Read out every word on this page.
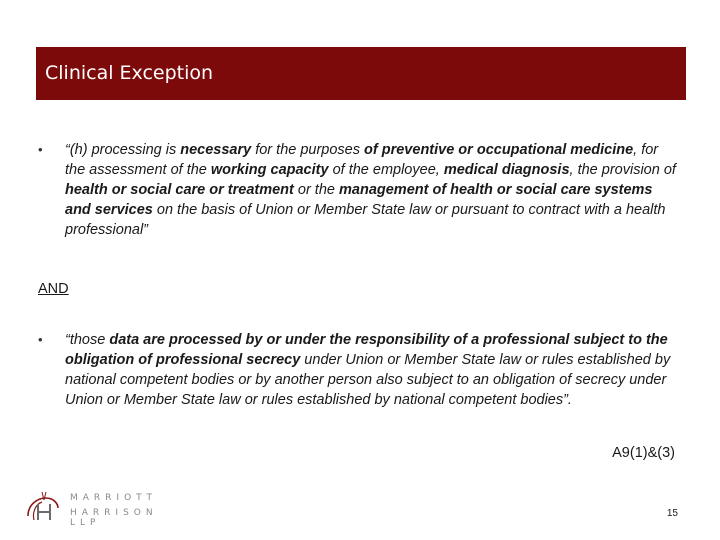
Clinical Exception
• “(h) processing is necessary for the purposes of preventive or occupational medicine, for the assessment of the working capacity of the employee, medical diagnosis, the provision of health or social care or treatment or the management of health or social care systems and services on the basis of Union or Member State law or pursuant to contract with a health professional”
AND
• “those data are processed by or under the responsibility of a professional subject to the obligation of professional secrecy under Union or Member State law or rules established by national competent bodies or by another person also subject to an obligation of secrecy under Union or Member State law or rules established by national competent bodies”.
A9(1)&(3)
MARRIOTT
HARRISON LLP
15
